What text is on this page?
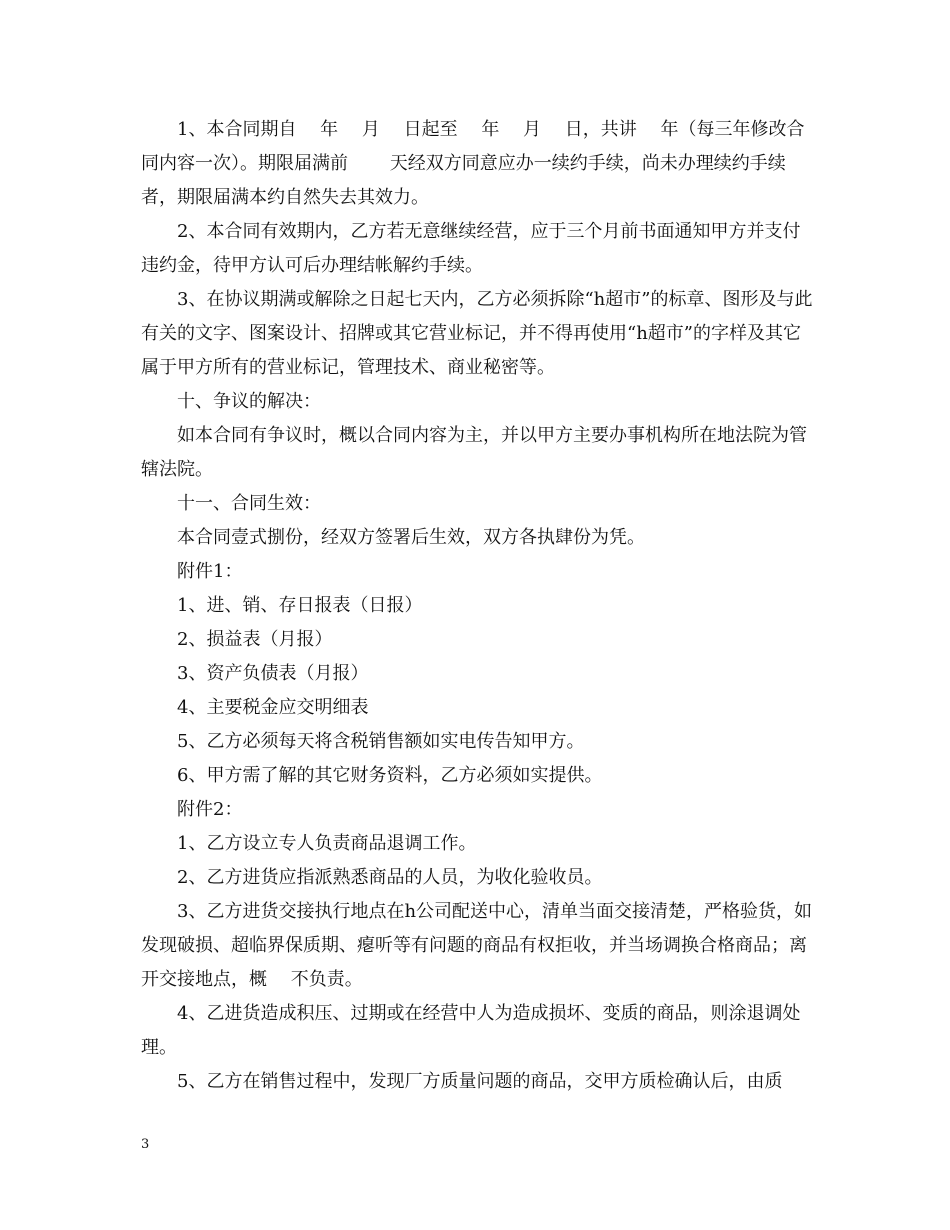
1、本合同期自　 年　 月　 日起至　 年　 月　 日，共讲　 年（每三年修改合同内容一次）。期限届满前　　 天经双方同意应办一续约手续，尚未办理续约手续者，期限届满本约自然失去其效力。

2、本合同有效期内，乙方若无意继续经营，应于三个月前书面通知甲方并支付违约金，待甲方认可后办理结帐解约手续。

3、在协议期满或解除之日起七天内，乙方必须拆除“h超市”的标章、图形及与此有关的文字、图案设计、招牌或其它营业标记，并不得再使用“h超市”的字样及其它属于甲方所有的营业标记，管理技术、商业秘密等。

十、争议的解决：

如本合同有争议时，概以合同内容为主，并以甲方主要办事机构所在地法院为管辖法院。

十一、合同生效：

本合同壹式捌份，经双方签署后生效，双方各执肆份为凭。

附件1：

1、进、销、存日报表（日报）

2、损益表（月报）

3、资产负债表（月报）

4、主要税金应交明细表

5、乙方必须每天将含税销售额如实电传告知甲方。

6、甲方需了解的其它财务资料，乙方必须如实提供。

附件2：

1、乙方设立专人负责商品退调工作。

2、乙方进货应指派熟悉商品的人员，为收化验收员。

3、乙方进货交接执行地点在h公司配送中心，清单当面交接清楚，严格验货，如发现破损、超临界保质期、瘪听等有问题的商品有权拒收，并当场调换合格商品；离开交接地点，概　 不负责。

4、乙进货造成积压、过期或在经营中人为造成损坏、变质的商品，则涂退调处理。

5、乙方在销售过程中，发现厂方质量问题的商品，交甲方质检确认后，由质

3
